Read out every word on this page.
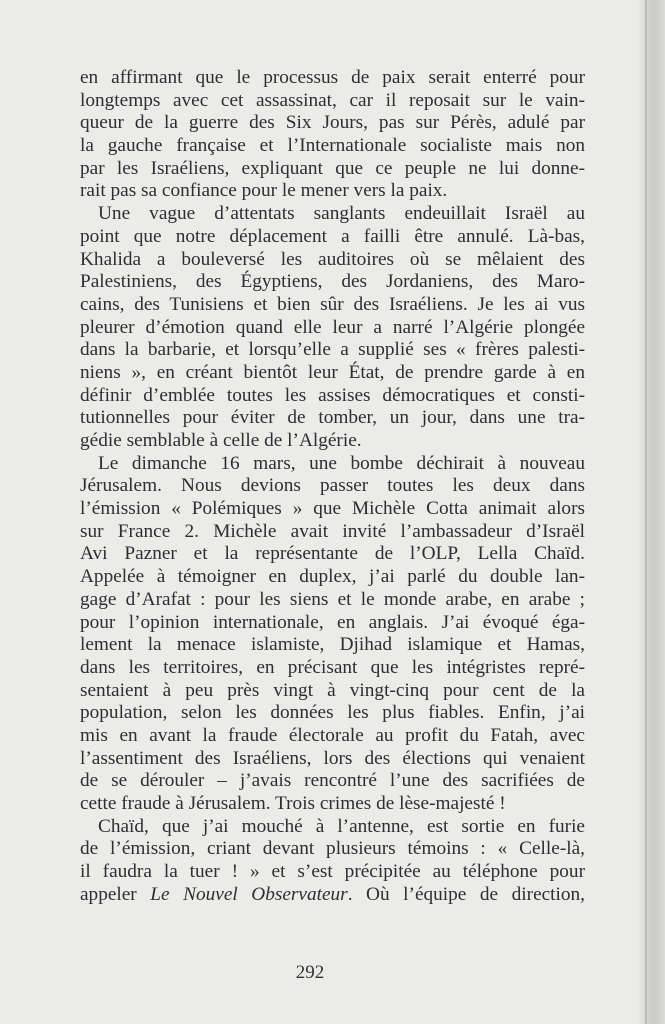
en affirmant que le processus de paix serait enterré pour
longtemps avec cet assassinat, car il reposait sur le vain-
queur de la guerre des Six Jours, pas sur Pérès, adulé par
la gauche française et l’Internationale socialiste mais non
par les Israéliens, expliquant que ce peuple ne lui donne-
rait pas sa confiance pour le mener vers la paix.
Une vague d’attentats sanglants endeuillait Israël au
point que notre déplacement a failli être annulé. Là-bas,
Khalida a bouleversé les auditoires où se mêlaient des
Palestiniens, des Égyptiens, des Jordaniens, des Maro-
cains, des Tunisiens et bien sûr des Israéliens. Je les ai vus
pleurer d’émotion quand elle leur a narré l’Algérie plongée
dans la barbarie, et lorsqu’elle a supplié ses « frères palesti-
niens », en créant bientôt leur État, de prendre garde à en
définir d’emblée toutes les assises démocratiques et consti-
tutionnelles pour éviter de tomber, un jour, dans une tra-
gédie semblable à celle de l’Algérie.
Le dimanche 16 mars, une bombe déchirait à nouveau
Jérusalem. Nous devions passer toutes les deux dans
l’émission « Polémiques » que Michèle Cotta animait alors
sur France 2. Michèle avait invité l’ambassadeur d’Israël
Avi Pazner et la représentante de l’OLP, Lella Chaïd.
Appelée à témoigner en duplex, j’ai parlé du double lan-
gage d’Arafat : pour les siens et le monde arabe, en arabe ;
pour l’opinion internationale, en anglais. J’ai évoqué éga-
lement la menace islamiste, Djihad islamique et Hamas,
dans les territoires, en précisant que les intégristes repré-
sentaient à peu près vingt à vingt-cinq pour cent de la
population, selon les données les plus fiables. Enfin, j’ai
mis en avant la fraude électorale au profit du Fatah, avec
l’assentiment des Israéliens, lors des élections qui venaient
de se dérouler – j’avais rencontré l’une des sacrifiées de
cette fraude à Jérusalem. Trois crimes de lèse-majesté !
Chaïd, que j’ai mouché à l’antenne, est sortie en furie
de l’émission, criant devant plusieurs témoins : « Celle-là,
il faudra la tuer ! » et s’est précipitée au téléphone pour
appeler Le Nouvel Observateur. Où l’équipe de direction,
292
